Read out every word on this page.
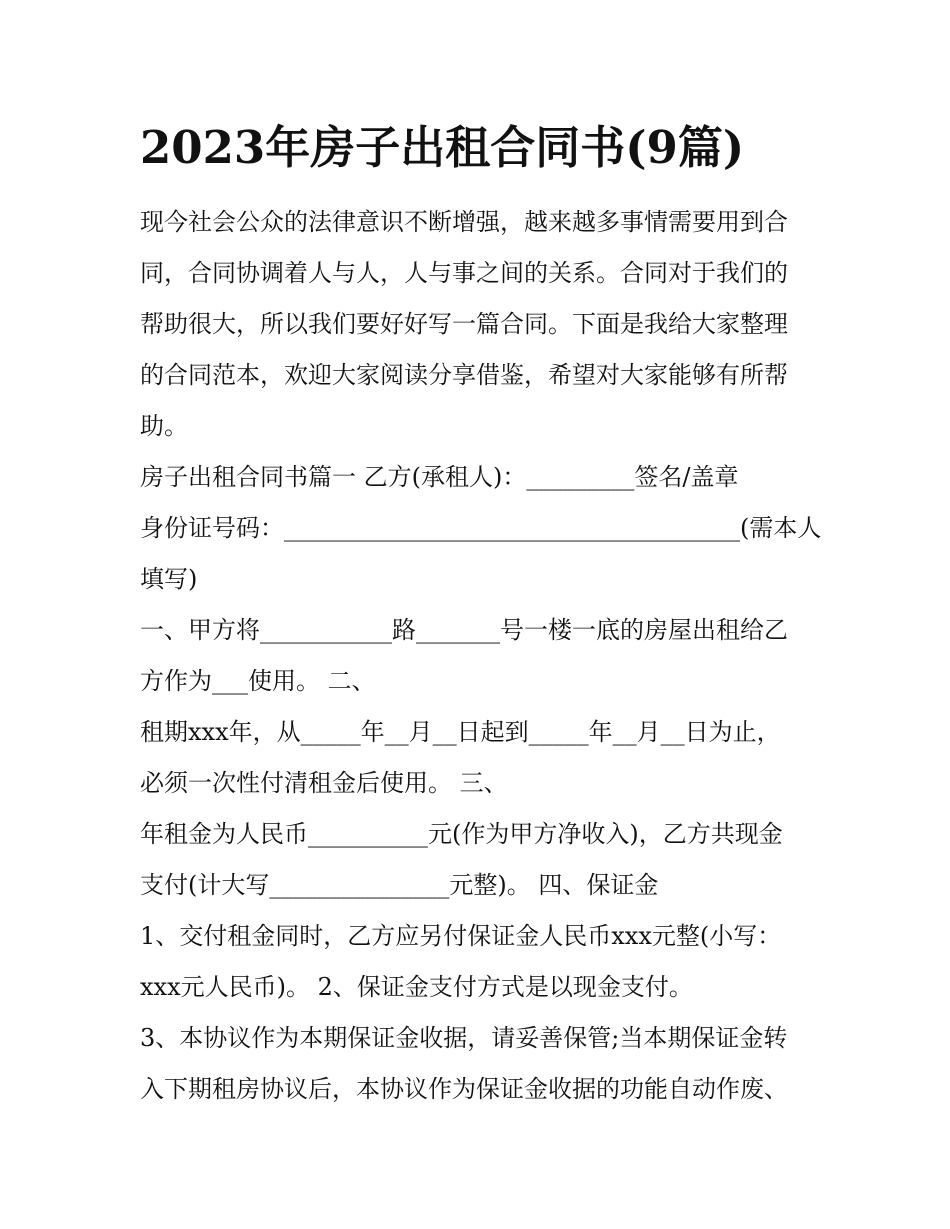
2023年房子出租合同书(9篇)

现今社会公众的法律意识不断增强，越来越多事情需要用到合

同，合同协调着人与人，人与事之间的关系。合同对于我们的

帮助很大，所以我们要好好写一篇合同。下面是我给大家整理

的合同范本，欢迎大家阅读分享借鉴，希望对大家能够有所帮

助。

房子出租合同书篇一 乙方(承租人)：_________签名/盖章

身份证号码：______________________________________(需本人

填写)

一、甲方将___________路_______号一楼一底的房屋出租给乙

方作为___使用。 二、

租期xxx年，从_____年__月__日起到_____年__月__日为止，

必须一次性付清租金后使用。 三、

年租金为人民币__________元(作为甲方净收入)，乙方共现金

支付(计大写_______________元整)。 四、保证金

1、交付租金同时，乙方应另付保证金人民币xxx元整(小写：

xxx元人民币)。 2、保证金支付方式是以现金支付。

3、本协议作为本期保证金收据，请妥善保管;当本期保证金转

入下期租房协议后，本协议作为保证金收据的功能自动作废、
